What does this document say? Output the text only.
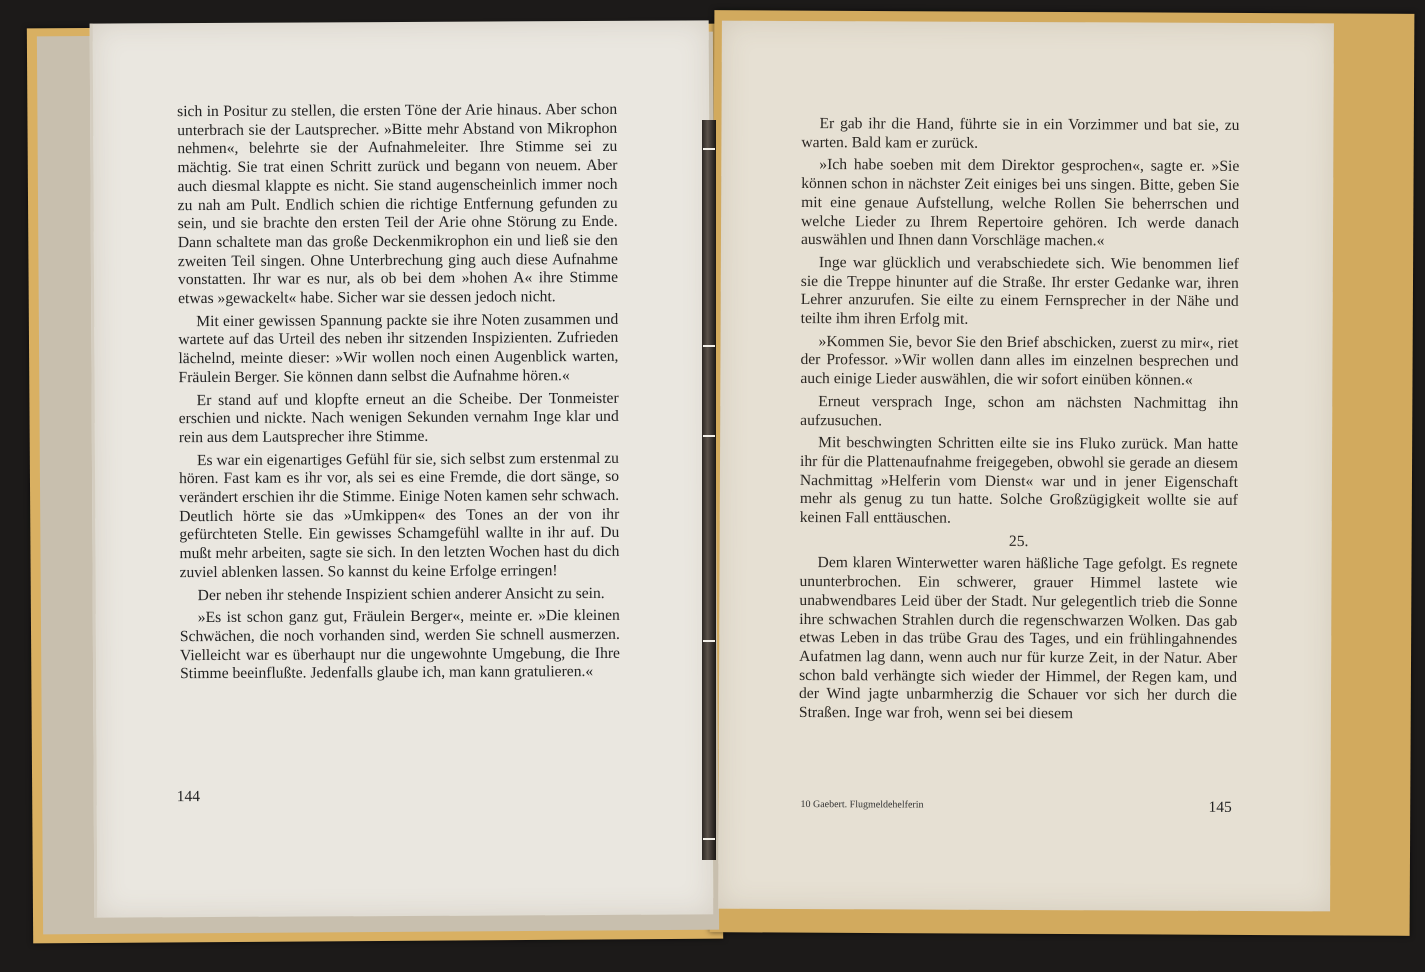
sich in Positur zu stellen, die ersten Töne der Arie hinaus. Aber schon unterbrach sie der Lautsprecher. »Bitte mehr Abstand von Mikrophon nehmen«, belehrte sie der Aufnahmeleiter. Ihre Stimme sei zu mächtig. Sie trat einen Schritt zurück und begann von neuem. Aber auch diesmal klappte es nicht. Sie stand augenscheinlich immer noch zu nah am Pult. Endlich schien die richtige Entfernung gefunden zu sein, und sie brachte den ersten Teil der Arie ohne Störung zu Ende. Dann schaltete man das große Deckenmikrophon ein und ließ sie den zweiten Teil singen. Ohne Unterbrechung ging auch diese Aufnahme vonstatten. Ihr war es nur, als ob bei dem »hohen A« ihre Stimme etwas »gewackelt« habe. Sicher war sie dessen jedoch nicht.

Mit einer gewissen Spannung packte sie ihre Noten zusammen und wartete auf das Urteil des neben ihr sitzenden Inspizienten. Zufrieden lächelnd, meinte dieser: »Wir wollen noch einen Augenblick warten, Fräulein Berger. Sie können dann selbst die Aufnahme hören.«

Er stand auf und klopfte erneut an die Scheibe. Der Tonmeister erschien und nickte. Nach wenigen Sekunden vernahm Inge klar und rein aus dem Lautsprecher ihre Stimme.

Es war ein eigenartiges Gefühl für sie, sich selbst zum erstenmal zu hören. Fast kam es ihr vor, als sei es eine Fremde, die dort sänge, so verändert erschien ihr die Stimme. Einige Noten kamen sehr schwach. Deutlich hörte sie das »Umkippen« des Tones an der von ihr gefürchteten Stelle. Ein gewisses Schamgefühl wallte in ihr auf. Du mußt mehr arbeiten, sagte sie sich. In den letzten Wochen hast du dich zuviel ablenken lassen. So kannst du keine Erfolge erringen!

Der neben ihr stehende Inspizient schien anderer Ansicht zu sein.

»Es ist schon ganz gut, Fräulein Berger«, meinte er. »Die kleinen Schwächen, die noch vorhanden sind, werden Sie schnell ausmerzen. Vielleicht war es überhaupt nur die ungewohnte Umgebung, die Ihre Stimme beeinflußte. Jedenfalls glaube ich, man kann gratulieren.«

144

Er gab ihr die Hand, führte sie in ein Vorzimmer und bat sie, zu warten. Bald kam er zurück.

»Ich habe soeben mit dem Direktor gesprochen«, sagte er. »Sie können schon in nächster Zeit einiges bei uns singen. Bitte, geben Sie mit eine genaue Aufstellung, welche Rollen Sie beherrschen und welche Lieder zu Ihrem Repertoire gehören. Ich werde danach auswählen und Ihnen dann Vorschläge machen.«

Inge war glücklich und verabschiedete sich. Wie benommen lief sie die Treppe hinunter auf die Straße. Ihr erster Gedanke war, ihren Lehrer anzurufen. Sie eilte zu einem Fernsprecher in der Nähe und teilte ihm ihren Erfolg mit.

»Kommen Sie, bevor Sie den Brief abschicken, zuerst zu mir«, riet der Professor. »Wir wollen dann alles im einzelnen besprechen und auch einige Lieder auswählen, die wir sofort einüben können.«

Erneut versprach Inge, schon am nächsten Nachmittag ihn aufzusuchen.

Mit beschwingten Schritten eilte sie ins Fluko zurück. Man hatte ihr für die Plattenaufnahme freigegeben, obwohl sie gerade an diesem Nachmittag »Helferin vom Dienst« war und in jener Eigenschaft mehr als genug zu tun hatte. Solche Großzügigkeit wollte sie auf keinen Fall enttäuschen.

25.

Dem klaren Winterwetter waren häßliche Tage gefolgt. Es regnete ununterbrochen. Ein schwerer, grauer Himmel lastete wie unabwendbares Leid über der Stadt. Nur gelegentlich trieb die Sonne ihre schwachen Strahlen durch die regenschwarzen Wolken. Das gab etwas Leben in das trübe Grau des Tages, und ein frühlingahnendes Aufatmen lag dann, wenn auch nur für kurze Zeit, in der Natur. Aber schon bald verhängte sich wieder der Himmel, der Regen kam, und der Wind jagte unbarmherzig die Schauer vor sich her durch die Straßen. Inge war froh, wenn sei bei diesem

10 Gaebert. Flugmeldehelferin	145
